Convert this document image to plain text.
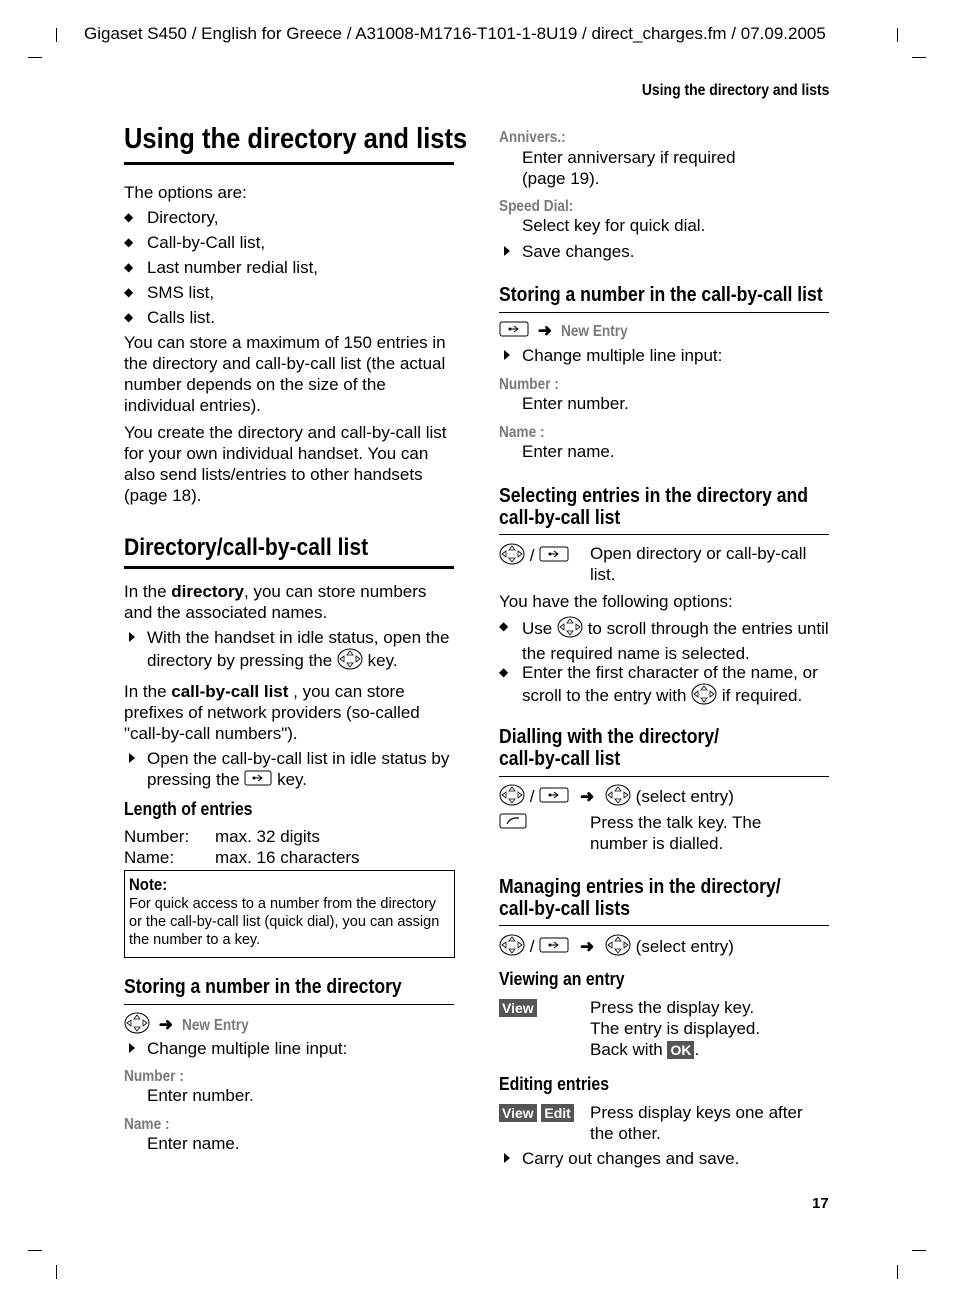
Gigaset S450 / English for Greece / A31008-M1716-T101-1-8U19 / direct_charges.fm / 07.09.2005
Using the directory and lists
17
Using the directory and lists
The options are:
◆ Directory,
◆ Call-by-Call list,
◆ Last number redial list,
◆ SMS list,
◆ Calls list.
You can store a maximum of 150 entries in the directory and call-by-call list (the actual number depends on the size of the individual entries).
You create the directory and call-by-call list for your own individual handset. You can also send lists/entries to other handsets (page 18).
Directory/call-by-call list
In the directory, you can store numbers and the associated names.
With the handset in idle status, open the directory by pressing the key.
In the call-by-call list , you can store prefixes of network providers (so-called "call-by-call numbers").
Open the call-by-call list in idle status by pressing the key.
Length of entries
Number: max. 32 digits
Name: max. 16 characters
Note:
For quick access to a number from the directory or the call-by-call list (quick dial), you can assign the number to a key.
Storing a number in the directory
➜ New Entry
Change multiple line input:
Number :
Enter number.
Name :
Enter name.
Annivers.:
Enter anniversary if required (page 19).
Speed Dial:
Select key for quick dial.
Save changes.
Storing a number in the call-by-call list
➜ New Entry
Change multiple line input:
Number :
Enter number.
Name :
Enter name.
Selecting entries in the directory and
call-by-call list
/	Open directory or call-by-call list.
You have the following options:
◆ Use to scroll through the entries until the required name is selected.
◆ Enter the first character of the name, or scroll to the entry with if required.
Dialling with the directory/
call-by-call list
/	➜ (select entry)
Press the talk key. The number is dialled.
Managing entries in the directory/
call-by-call lists
/	➜ (select entry)
Viewing an entry
View	Press the display key.
The entry is displayed.
Back with OK .
Editing entries
View Edit Press display keys one after the other.
Carry out changes and save.
